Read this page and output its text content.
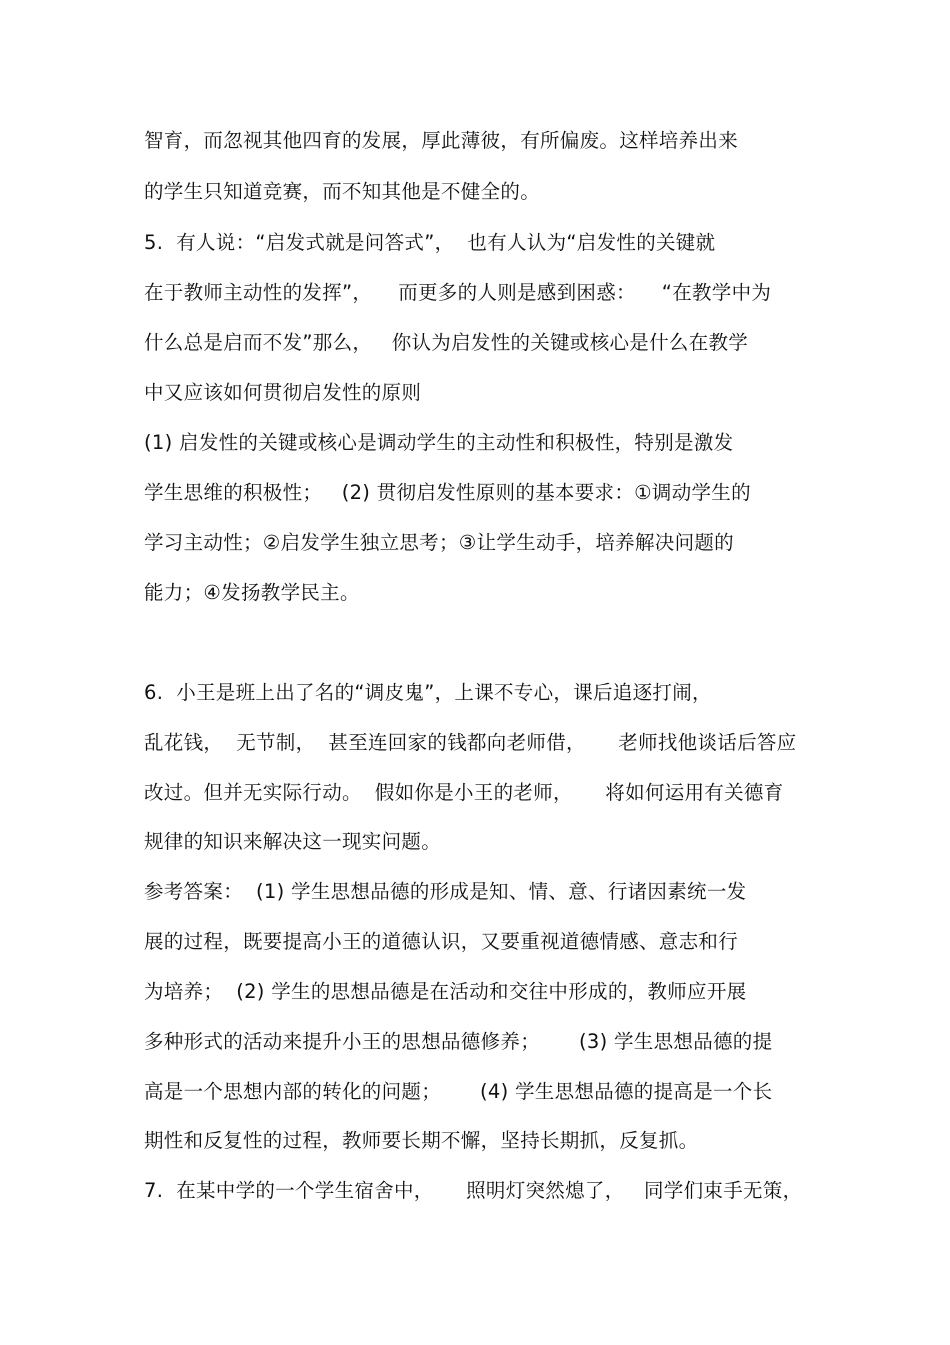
智育，而忽视其他四育的发展，厚此薄彼，有所偏废。这样培养出来
的学生只知道竞赛，而不知其他是不健全的。
5.  有人说：“启发式就是问答式”，  也有人认为“启发性的关键就
在于教师主动性的发挥”，    而更多的人则是感到困惑：    “在教学中为
什么总是启而不发”那么，   你认为启发性的关键或核心是什么在教学
中又应该如何贯彻启发性的原则
(1) 启发性的关键或核心是调动学生的主动性和积极性，特别是激发
学生思维的积极性；   (2) 贯彻启发性原则的基本要求：①调动学生的
学习主动性；②启发学生独立思考；③让学生动手，培养解决问题的
能力；④发扬教学民主。
6.  小王是班上出了名的“调皮鬼”，上课不专心，课后追逐打闹，
乱花钱，  无节制，  甚至连回家的钱都向老师借，     老师找他谈话后答应
改过。但并无实际行动。  假如你是小王的老师，     将如何运用有关德育
规律的知识来解决这一现实问题。
参考答案：  (1) 学生思想品德的形成是知、情、意、行诸因素统一发
展的过程，既要提高小王的道德认识，又要重视道德情感、意志和行
为培养；  (2) 学生的思想品德是在活动和交往中形成的，教师应开展
多种形式的活动来提升小王的思想品德修养；      (3) 学生思想品德的提
高是一个思想内部的转化的问题；      (4) 学生思想品德的提高是一个长
期性和反复性的过程，教师要长期不懈，坚持长期抓，反复抓。
7.  在某中学的一个学生宿舍中，     照明灯突然熄了，   同学们束手无策，
